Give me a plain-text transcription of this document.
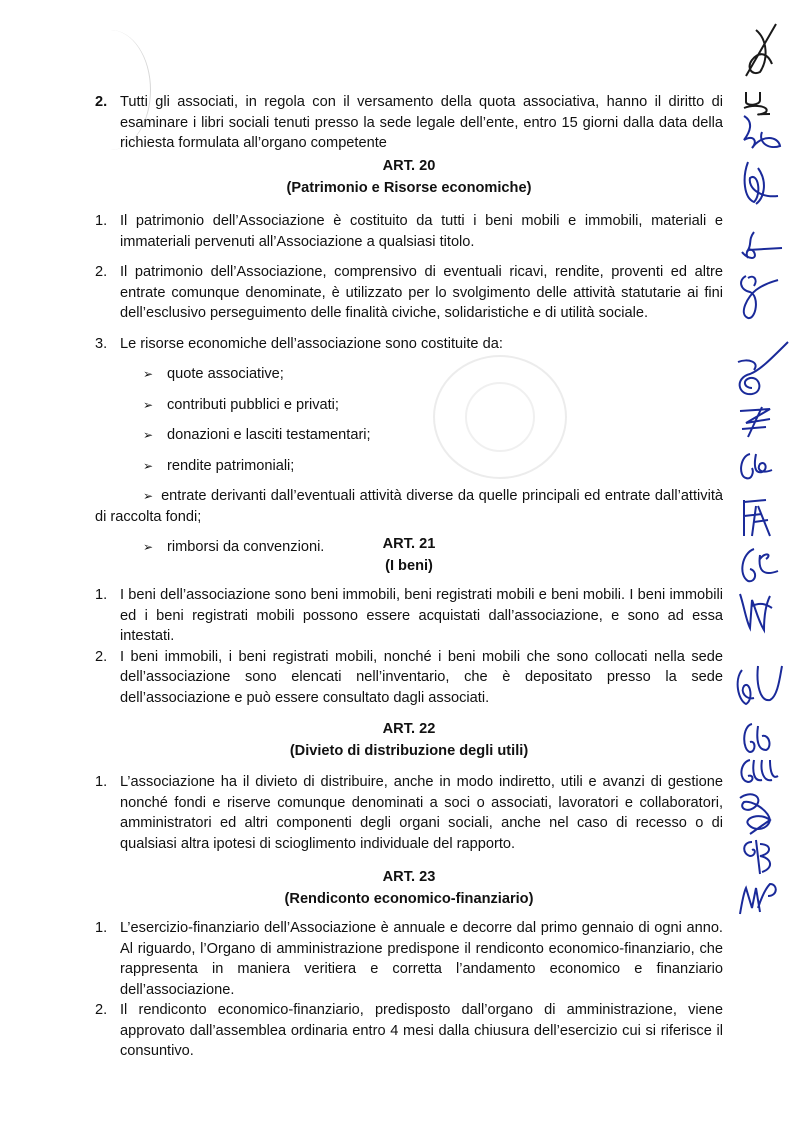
2. Tutti gli associati, in regola con il versamento della quota associativa, hanno il diritto di esaminare i libri sociali tenuti presso la sede legale dell’ente, entro 15 giorni dalla data della richiesta formulata all’organo competente
ART. 20
(Patrimonio e Risorse economiche)
1. Il patrimonio dell’Associazione è costituito da tutti i beni mobili e immobili, materiali e immateriali pervenuti all’Associazione a qualsiasi titolo.
2. Il patrimonio dell’Associazione, comprensivo di eventuali ricavi, rendite, proventi ed altre entrate comunque denominate, è utilizzato per lo svolgimento delle attività statutarie ai fini dell’esclusivo perseguimento delle finalità civiche, solidaristiche e di utilità sociale.
3. Le risorse economiche dell’associazione sono costituite da:
➢ quote associative;
➢ contributi pubblici e privati;
➢ donazioni e lasciti testamentari;
➢ rendite patrimoniali;
➢ entrate derivanti dall’eventuali attività diverse da quelle principali ed entrate dall’attività di raccolta fondi;
➢ rimborsi da convenzioni.	ART. 21
(I beni)
1. I beni dell’associazione sono beni immobili, beni registrati mobili e beni mobili. I beni immobili ed i beni registrati mobili possono essere acquistati dall’associazione, e sono ad essa intestati.
2. I beni immobili, i beni registrati mobili, nonché i beni mobili che sono collocati nella sede dell’associazione sono elencati nell’inventario, che è depositato presso la sede dell’associazione e può essere consultato dagli associati.
ART. 22
(Divieto di distribuzione degli utili)
1. L’associazione ha il divieto di distribuire, anche in modo indiretto, utili e avanzi di gestione nonché fondi e riserve comunque denominati a soci o associati, lavoratori e collaboratori, amministratori ed altri componenti degli organi sociali, anche nel caso di recesso o di qualsiasi altra ipotesi di scioglimento individuale del rapporto.
ART. 23
(Rendiconto economico-finanziario)
1. L’esercizio-finanziario dell’Associazione è annuale e decorre dal primo gennaio di ogni anno. Al riguardo, l’Organo di amministrazione predispone il rendiconto economico-finanziario, che rappresenta in maniera veritiera e corretta l’andamento economico e finanziario dell’associazione.
2. Il rendiconto economico-finanziario, predisposto dall’organo di amministrazione, viene approvato dall’assemblea ordinaria entro 4 mesi dalla chiusura dell’esercizio cui si riferisce il consuntivo.
